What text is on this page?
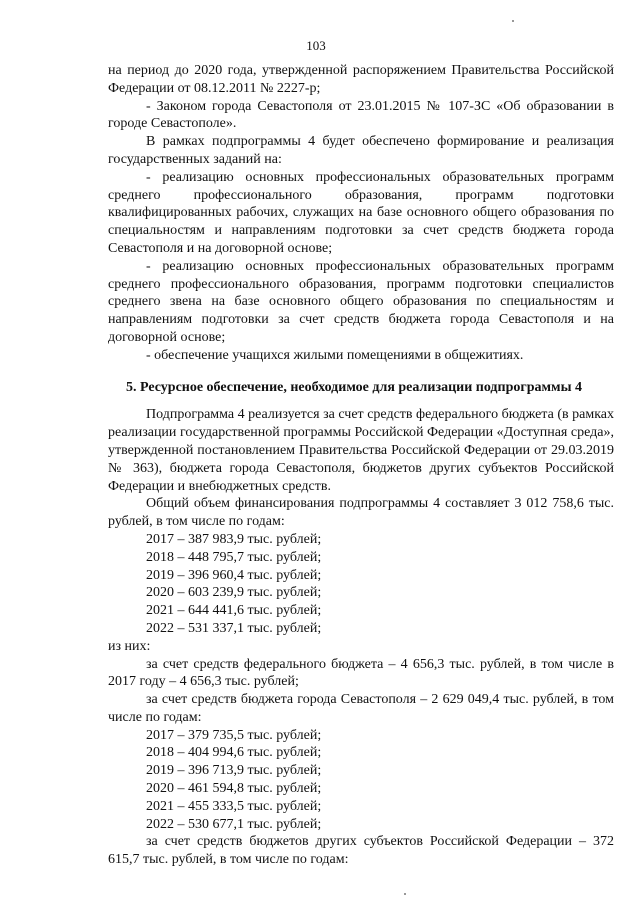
103

на период до 2020 года, утвержденной распоряжением Правительства Российской Федерации от 08.12.2011 № 2227-р;

- Законом города Севастополя от 23.01.2015 № 107-ЗС «Об образовании в городе Севастополе».

В рамках подпрограммы 4 будет обеспечено формирование и реализация государственных заданий на:

- реализацию основных профессиональных образовательных программ среднего профессионального образования, программ подготовки квалифицированных рабочих, служащих на базе основного общего образования по специальностям и направлениям подготовки за счет средств бюджета города Севастополя и на договорной основе;

- реализацию основных профессиональных образовательных программ среднего профессионального образования, программ подготовки специалистов среднего звена на базе основного общего образования по специальностям и направлениям подготовки за счет средств бюджета города Севастополя и на договорной основе;

- обеспечение учащихся жилыми помещениями в общежитиях.

5. Ресурсное обеспечение, необходимое для реализации подпрограммы 4

Подпрограмма 4 реализуется за счет средств федерального бюджета (в рамках реализации государственной программы Российской Федерации «Доступная среда», утвержденной постановлением Правительства Российской Федерации от 29.03.2019 № 363), бюджета города Севастополя, бюджетов других субъектов Российской Федерации и внебюджетных средств.

Общий объем финансирования подпрограммы 4 составляет 3 012 758,6 тыс. рублей, в том числе по годам:

2017 – 387 983,9 тыс. рублей;

2018 – 448 795,7 тыс. рублей;

2019 – 396 960,4 тыс. рублей;

2020 – 603 239,9 тыс. рублей;

2021 – 644 441,6 тыс. рублей;

2022 – 531 337,1 тыс. рублей;

из них:

за счет средств федерального бюджета – 4 656,3 тыс. рублей, в том числе в 2017 году – 4 656,3 тыс. рублей;

за счет средств бюджета города Севастополя – 2 629 049,4 тыс. рублей, в том числе по годам:

2017 – 379 735,5 тыс. рублей;

2018 – 404 994,6 тыс. рублей;

2019 – 396 713,9 тыс. рублей;

2020 – 461 594,8 тыс. рублей;

2021 – 455 333,5 тыс. рублей;

2022 – 530 677,1 тыс. рублей;

за счет средств бюджетов других субъектов Российской Федерации – 372 615,7 тыс. рублей, в том числе по годам:
